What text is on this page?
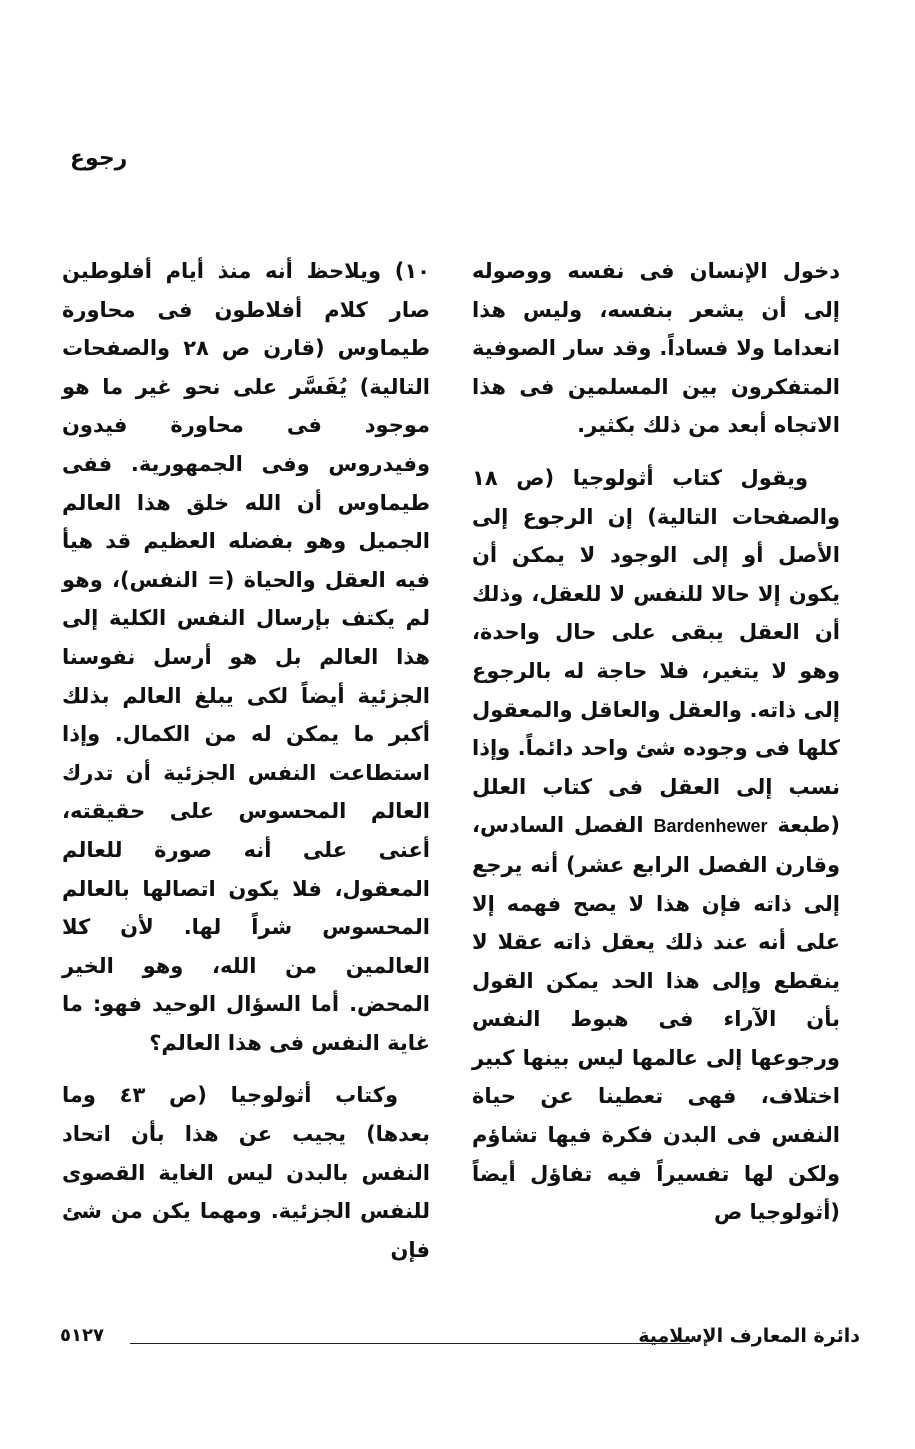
رجوع

دخول الإنسان فى نفسه ووصوله إلى أن يشعر بنفسه، وليس هذا انعداما ولا فساداً. وقد سار الصوفية المتفكرون بين المسلمين فى هذا الاتجاه أبعد من ذلك بكثير.

ويقول كتاب أثولوجيا (ص ١٨ والصفحات التالية) إن الرجوع إلى الأصل أو إلى الوجود لا يمكن أن يكون إلا حالا للنفس لا للعقل، وذلك أن العقل يبقى على حال واحدة، وهو لا يتغير، فلا حاجة له بالرجوع إلى ذاته. والعقل والعاقل والمعقول كلها فى وجوده شئ واحد دائماً. وإذا نسب إلى العقل فى كتاب العلل (طبعة Bardenhewer الفصل السادس، وقارن الفصل الرابع عشر) أنه يرجع إلى ذاته فإن هذا لا يصح فهمه إلا على أنه عند ذلك يعقل ذاته عقلا لا ينقطع وإلى هذا الحد يمكن القول بأن الآراء فى هبوط النفس ورجوعها إلى عالمها ليس بينها كبير اختلاف، فهى تعطينا عن حياة النفس فى البدن فكرة فيها تشاؤم ولكن لها تفسيراً فيه تفاؤل أيضاً (أثولوجيا ص

١٠) ويلاحظ أنه منذ أيام أفلوطين صار كلام أفلاطون فى محاورة طيماوس (قارن ص ٢٨ والصفحات التالية) يُفَسَّر على نحو غير ما هو موجود فى محاورة فيدون وفيدروس وفى الجمهورية. ففى طيماوس أن الله خلق هذا العالم الجميل وهو بفضله العظيم قد هيأ فيه العقل والحياة (= النفس)، وهو لم يكتف بإرسال النفس الكلية إلى هذا العالم بل هو أرسل نفوسنا الجزئية أيضاً لكى يبلغ العالم بذلك أكبر ما يمكن له من الكمال. وإذا استطاعت النفس الجزئية أن تدرك العالم المحسوس على حقيقته، أعنى على أنه صورة للعالم المعقول، فلا يكون اتصالها بالعالم المحسوس شراً لها. لأن كلا العالمين من الله، وهو الخير المحض. أما السؤال الوحيد فهو: ما غاية النفس فى هذا العالم؟

وكتاب أثولوجيا (ص ٤٣ وما بعدها) يجيب عن هذا بأن اتحاد النفس بالبدن ليس الغاية القصوى للنفس الجزئية. ومهما يكن من شئ فإن

دائرة المعارف الإسلامية
٥١٢٧
